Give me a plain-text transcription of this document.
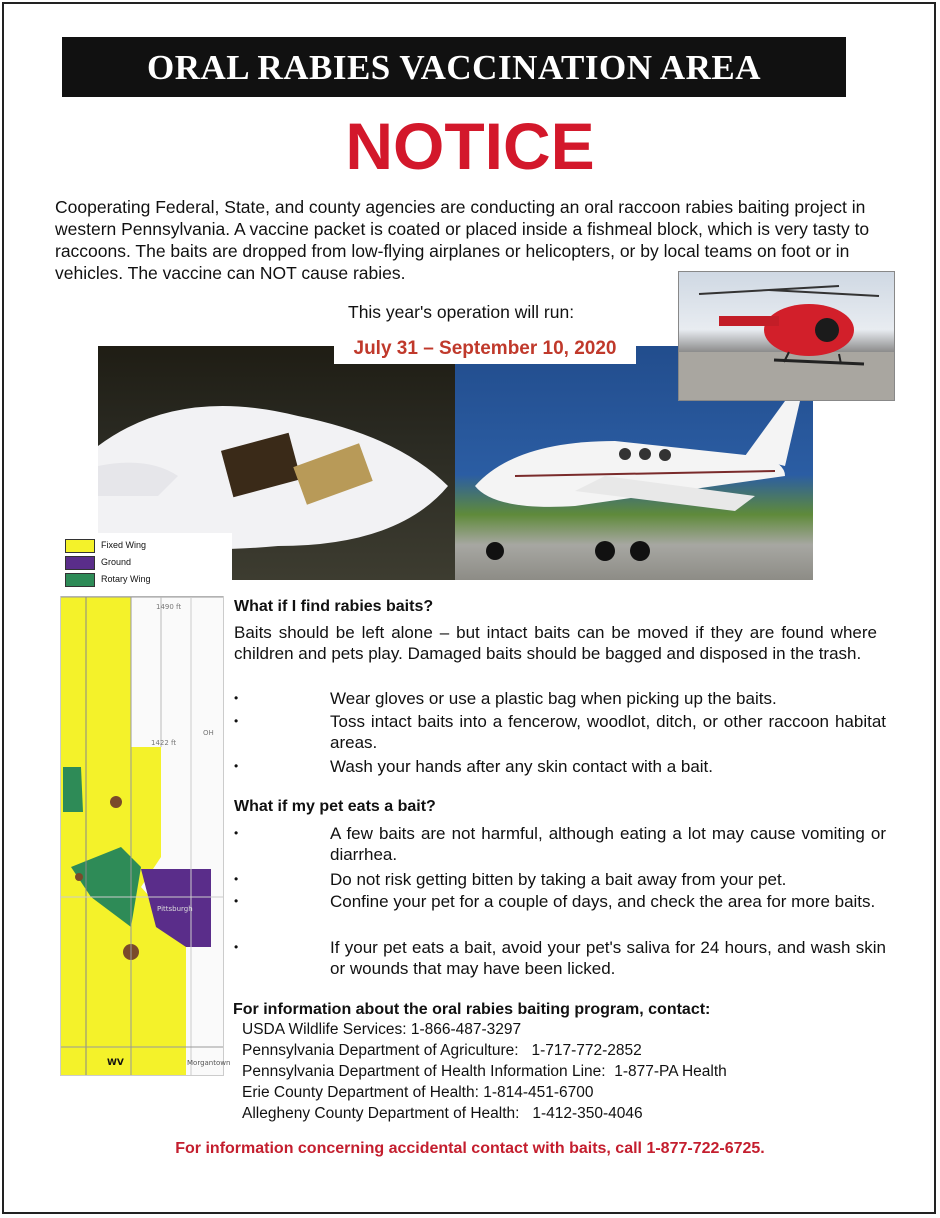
ORAL RABIES VACCINATION AREA
NOTICE
Cooperating Federal, State, and county agencies are conducting an oral raccoon rabies baiting project in western Pennsylvania. A vaccine packet is coated or placed inside a fishmeal block, which is very tasty to raccoons. The baits are dropped from low-flying airplanes or helicopters, or by local teams on foot or in vehicles. The vaccine can NOT cause rabies.
This year's operation will run:
July 31 – September 10, 2020
Fixed Wing
Ground
Rotary Wing
1490 ft
1422 ft
OH
Pittsburgh
WV	Morgantown
What if I find rabies baits?
Baits should be left alone – but intact baits can be moved if they are found where children and pets play. Damaged baits should be bagged and disposed in the trash.
•	Wear gloves or use a plastic bag when picking up the baits.
•	Toss intact baits into a fencerow, woodlot, ditch, or other raccoon habitat areas.
•	Wash your hands after any skin contact with a bait.
What if my pet eats a bait?
•	A few baits are not harmful, although eating a lot may cause vomiting or diarrhea.
•	Do not risk getting bitten by taking a bait away from your pet.
•	Confine your pet for a couple of days, and check the area for more baits.
•	If your pet eats a bait, avoid your pet's saliva for 24 hours, and wash skin or wounds that may have been licked.
For information about the oral rabies baiting program, contact:
USDA Wildlife Services: 1-866-487-3297
Pennsylvania Department of Agriculture:   1-717-772-2852
Pennsylvania Department of Health Information Line:  1-877-PA Health
Erie County Department of Health: 1-814-451-6700
Allegheny County Department of Health:   1-412-350-4046
For information concerning accidental contact with baits, call 1-877-722-6725.
